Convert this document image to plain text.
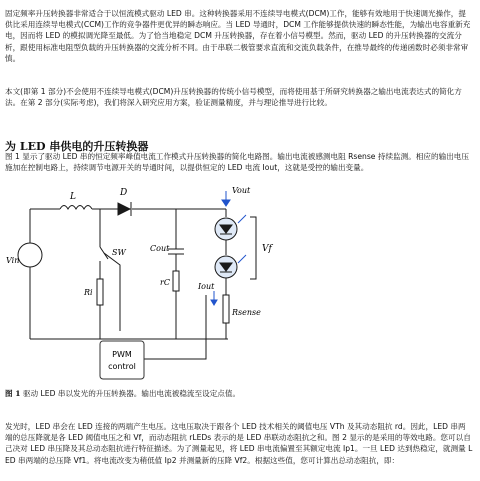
固定频率升压转换器非常适合于以恒流模式驱动 LED 串。这种转换器采用不连续导电模式(DCM)工作，能够有效地用于快速调光操作，提供比采用连续导电模式(CCM)工作的竞争器件更优异的瞬态响应。当 LED 导通时，DCM 工作能够提供快速的瞬态性能，为输出电容重新充电，因而将 LED 的模拟调光降至最低。为了恰当地稳定 DCM 升压转换器，存在着小信号模型。然而，驱动 LED 的升压转换器的交流分析，跟使用标准电阻型负载的升压转换器的交流分析不同。由于串联二极管要求直流和交流负载条件，在推导最终的传递函数时必须非常审慎。
本文(即第 1 部分)不会使用不连续导电模式(DCM)升压转换器的传统小信号模型，而将使用基于所研究转换器之输出电流表达式的简化方法。在第 2 部分(实际考虑)，我们将深入研究应用方案，验证测量精度，并与理论推导进行比较。
为 LED 串供电的升压转换器
图 1 显示了驱动 LED 串的恒定频率峰值电流工作模式升压转换器的简化电路图。输出电流被感测电阻 Rsense 持续监测。相应的输出电压施加在控制电路上，持续调节电源开关的导通时间，以提供恒定的 LED 电流 Iout，这就是受控的输出变量。
PWM
control
L	D
Vin
SW
Ri
Cout
rC
Vout
Vf
Iout
Rsense
图 1 驱动 LED 串以发光的升压转换器。输出电流被稳流至设定点值。
发光时，LED 串会在 LED 连接的两端产生电压。这电压取决于跟各个 LED 技术相关的阈值电压 VTh 及其动态阻抗 rd。因此，LED 串两端的总压降就是各 LED 阈值电压之和 Vf，而动态阻抗 rLEDs 表示的是 LED 串联动态阻抗之和。图 2 显示的是采用的等效电路。您可以自己决对 LED 串压降及其总动态阻抗进行特征描述。为了测量起见，将 LED 串电流偏置至其额定电流 Ip1。一旦 LED 达到热稳定，就测量 LED 串两端的总压降 Vf1。将电流改变为稍低值 Ip2 并测量新的压降 Vf2。根据这些值，您可计算出总动态阻抗，即：
